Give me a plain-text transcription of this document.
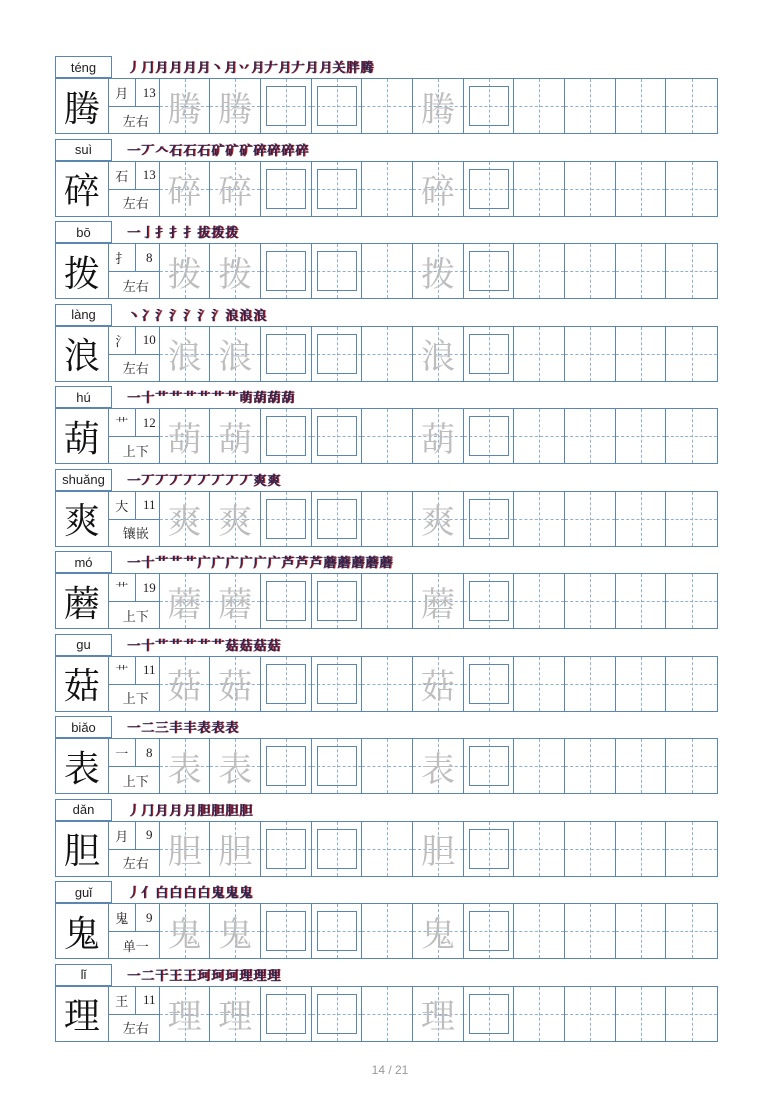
téng	丿 ⺆ 月 月 月​ 月丶 月丷 月𠂇 月𠂇 月‍ 月关 胖 腾
腾	月	13
左右 腾 腾	腾
suì	一 丆 𠆢 石 石​ 石‌ 矿 矿​ 矿‌ 碎 碎 碎 碎
碎	石	13
左右 碎 碎	碎
bō	一 亅 扌 扌 扌 拔 拨 拨
拨	扌	8
左右 拨 拨	拨
làng	丶 冫 氵 氵 氵 氵 氵 浪 浪 浪
浪	氵	10
左右 浪 浪	浪
hú	一 十 艹 艹 艹 艹 艹 艹 萌 葫 葫 葫
葫	艹	12
上下 葫 葫	葫
shuǎng	一 丆 丆 丆 丆 丆 丆 丆 丆 爽 爽
爽	大	11
镶嵌 爽 爽	爽
mó	一 十 艹 艹 艹 广 广 广 广 广 广 芦 芦 芦 蘑 蘑 蘑 蘑 蘑
蘑	艹	19
上下 蘑 蘑	蘑
gu	一 十 艹 艹 艹 艹 艹 菇 菇 菇 菇
菇	艹	11
上下 菇 菇	菇
biǎo	一 二 三 丰 丰 表 表 表
表	一	8
上下 表 表	表
dǎn	丿 ⺆ 月 月 月 胆 胆 胆 胆
胆	月	9
左右 胆 胆	胆
guǐ	丿 亻 白 白 白 白 鬼 鬼 鬼
鬼	鬼	9
单一 鬼 鬼	鬼
lǐ	一 二 干 王 王 珂 珂 珂 理 理 理
理	王	11
左右 理 理	理
14 / 21
